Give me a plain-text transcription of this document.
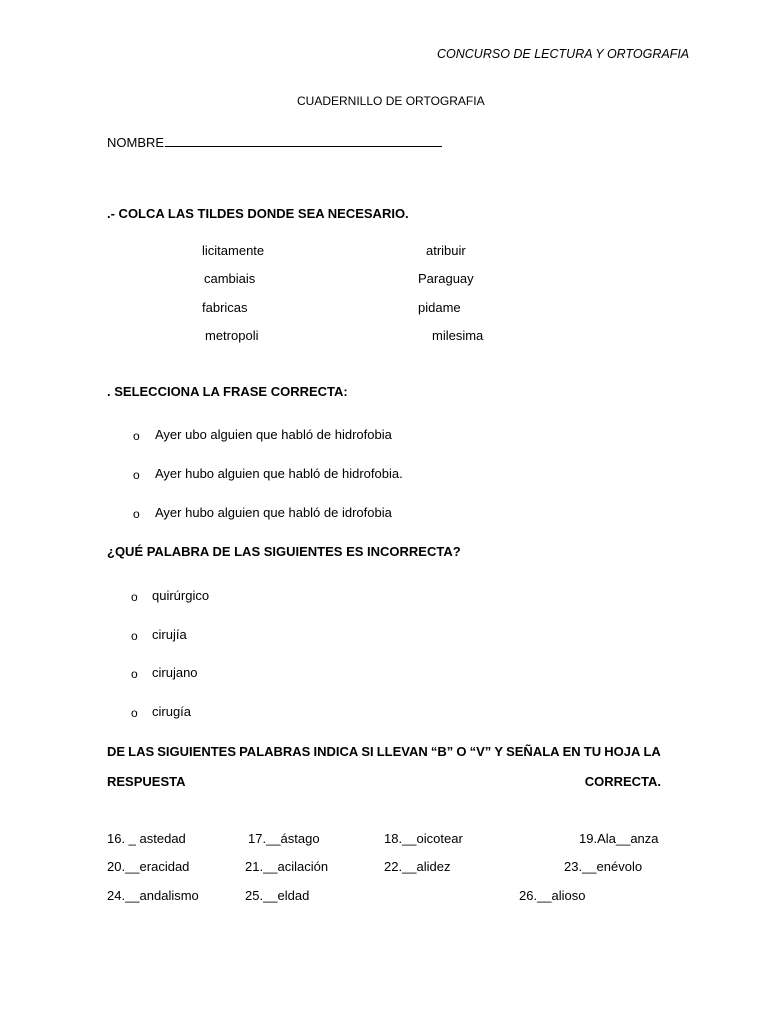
CONCURSO DE LECTURA Y ORTOGRAFIA
CUADERNILLO DE ORTOGRAFIA
NOMBRE
.- COLCA LAS TILDES DONDE SEA NECESARIO.
licitamente	atribuir
cambiais	Paraguay
fabricas	pidame
metropoli	milesima
. SELECCIONA LA FRASE CORRECTA:
o Ayer ubo alguien que habló de hidrofobia
o Ayer hubo alguien que habló de hidrofobia.
o Ayer hubo alguien que habló de idrofobia
¿QUÉ PALABRA DE LAS SIGUIENTES ES INCORRECTA?
o quirúrgico
o cirujía
o cirujano
o cirugía
DE LAS SIGUIENTES PALABRAS INDICA SI LLEVAN “B” O “V” Y SEÑALA EN TU HOJA LA
RESPUESTA	CORRECTA.
16. _ astedad	17.__ástago	18.__oicotear	19.Ala__anza
20.__eracidad	21.__acilación	22.__alidez	23.__enévolo
24.__andalismo	25.__eldad	26.__alioso
